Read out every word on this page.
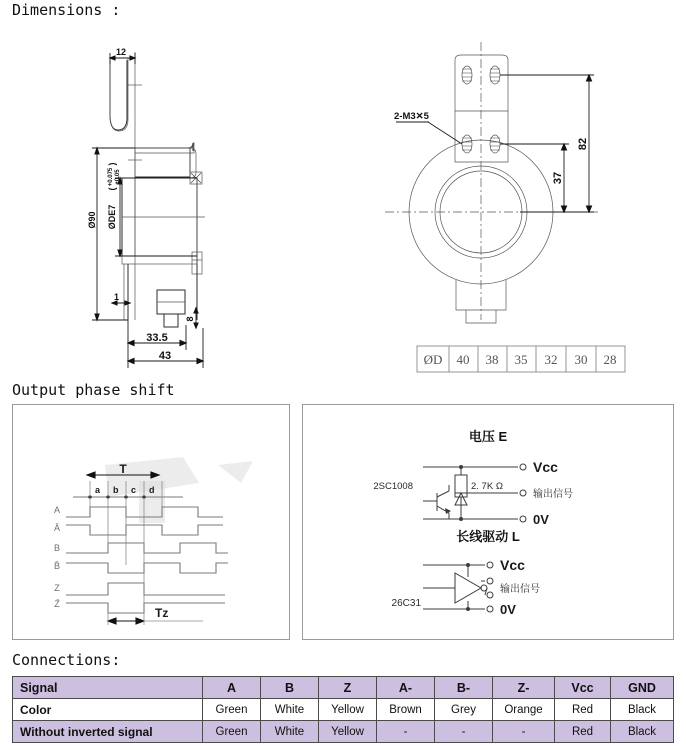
Dimensions :
Output phase shift
Connections:
12
Ø90 ØDE7
(
+0.075 +0.05
)
1
8
33.5
43
2-M3✕5
82
37
ØD 40 38 35 32 30 28
T
a b c d
A
Ā
B
B̄
Z
Z̄
Tz
电压 E
Vcc
2SC1008	2. 7K Ω
输出信号
0V
长线驱动 L
Vcc
输出信号
0V
26C31
Signal	A	B	Z	A-	B-	Z-	Vcc	GND
Color	Green	White	Yellow	Brown	Grey	Orange	Red	Black
Without inverted signal	Green	White	Yellow	-	-	-	Red	Black
